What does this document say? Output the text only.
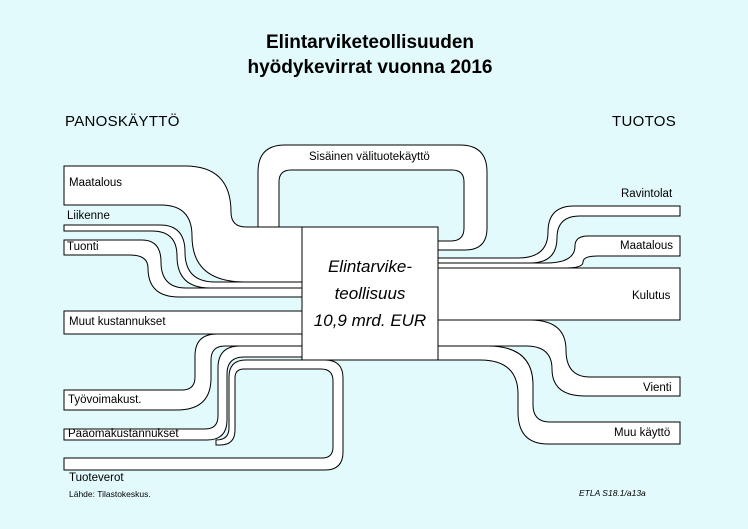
Elintarviketeollisuuden
hyödykevirrat vuonna 2016
PANOSKÄYTTÖ	TUOTOS
Sisäinen välituotekäyttö
Elintarvike-
teollisuus
10,9 mrd. EUR
Maatalous
Liikenne
Tuonti
Muut kustannukset
Työvoimakust.
Pääomakustannukset
Tuoteverot
Ravintolat
Maatalous
Kulutus
Vienti
Muu käyttö
Lähde: Tilastokeskus.	ETLA S18.1/a13a
